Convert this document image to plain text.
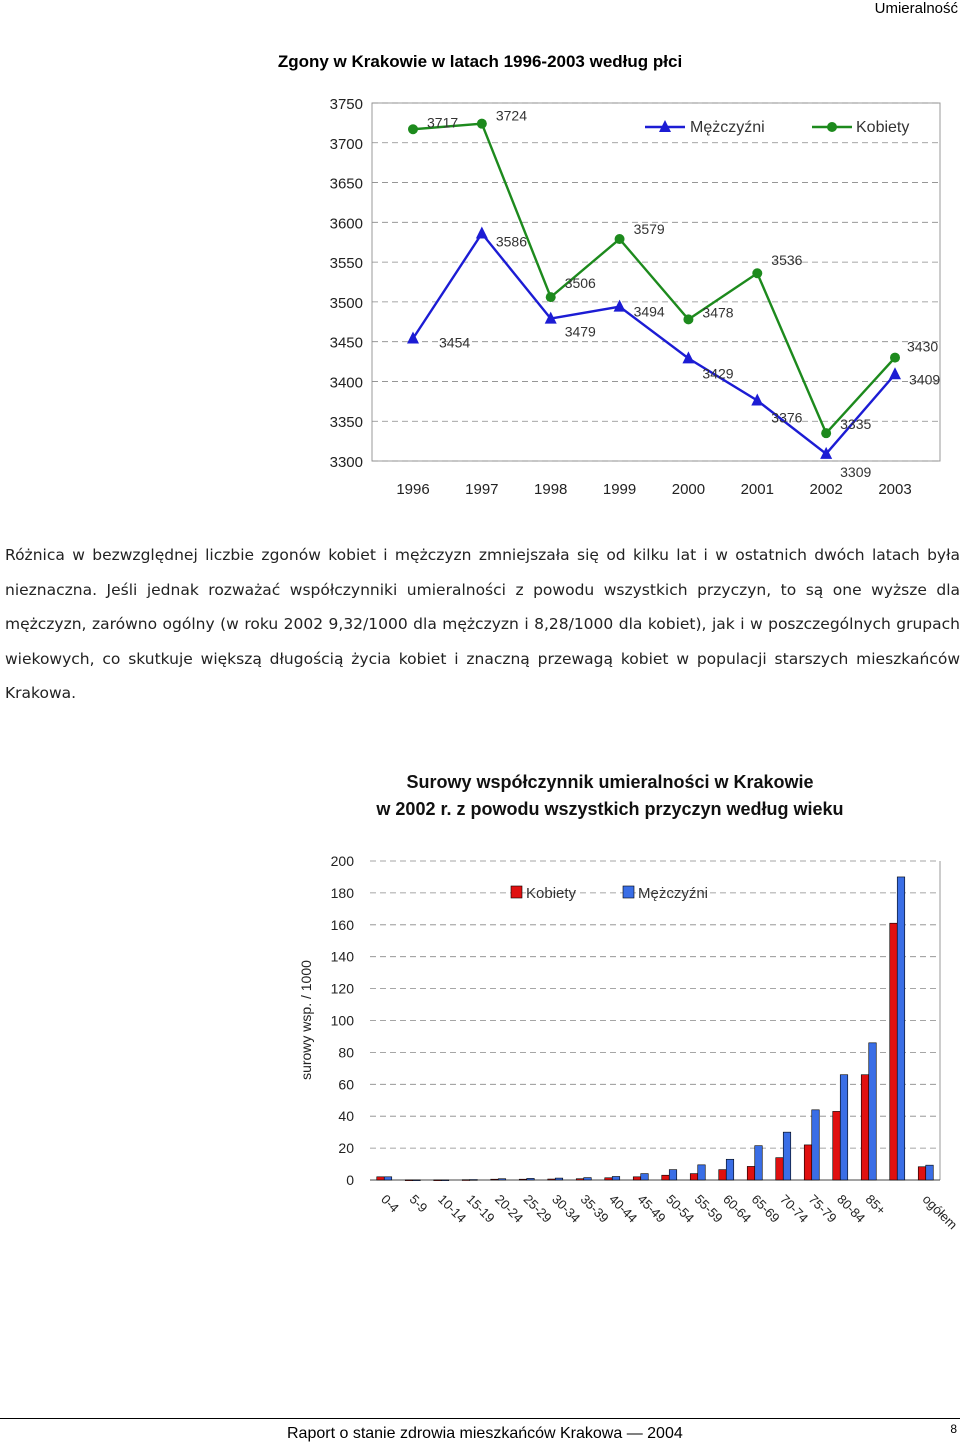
Umieralność
Zgony w Krakowie w latach 1996-2003 według płci
3750
3700
3650
3600
3550
3500
3450
3400
3350
3300
1996 1997 1998 1999 2000 2001 2002 2003
3454
3586
3479
3494
3429
3376
3309
3409
3717	3724
3506
3579
3478
3536
3335
3430
Mężczyźni	Kobiety
Różnica w bezwzględnej liczbie zgonów kobiet i mężczyzn zmniejszała się od kilku lat i w ostatnich dwóch latach była nieznaczna. Jeśli jednak rozważać współczynniki umieralności z powodu wszystkich przyczyn, to są one wyższe dla mężczyzn, zarówno ogólny (w roku 2002 9,32/1000 dla mężczyzn i 8,28/1000 dla kobiet), jak i w poszczególnych grupach wiekowych, co skutkuje większą długością życia kobiet i znaczną przewagą kobiet w populacji starszych mieszkańców Krakowa.
Surowy współczynnik umieralności w Krakowie
w 2002 r. z powodu wszystkich przyczyn według wieku
200
180
160
140
120
100
80
60
40
20
0
0-4 5-9 10-14
15-19
20-24
25-29
30-34
35-39
40-44
45-49
50-54
55-59
60-64
65-69
70-74
75-79
80-84
85+ ogółem
Kobiety	Mężczyźni
surowy wsp. / 1000
Raport o stanie zdrowia mieszkańców Krakowa — 2004	8
